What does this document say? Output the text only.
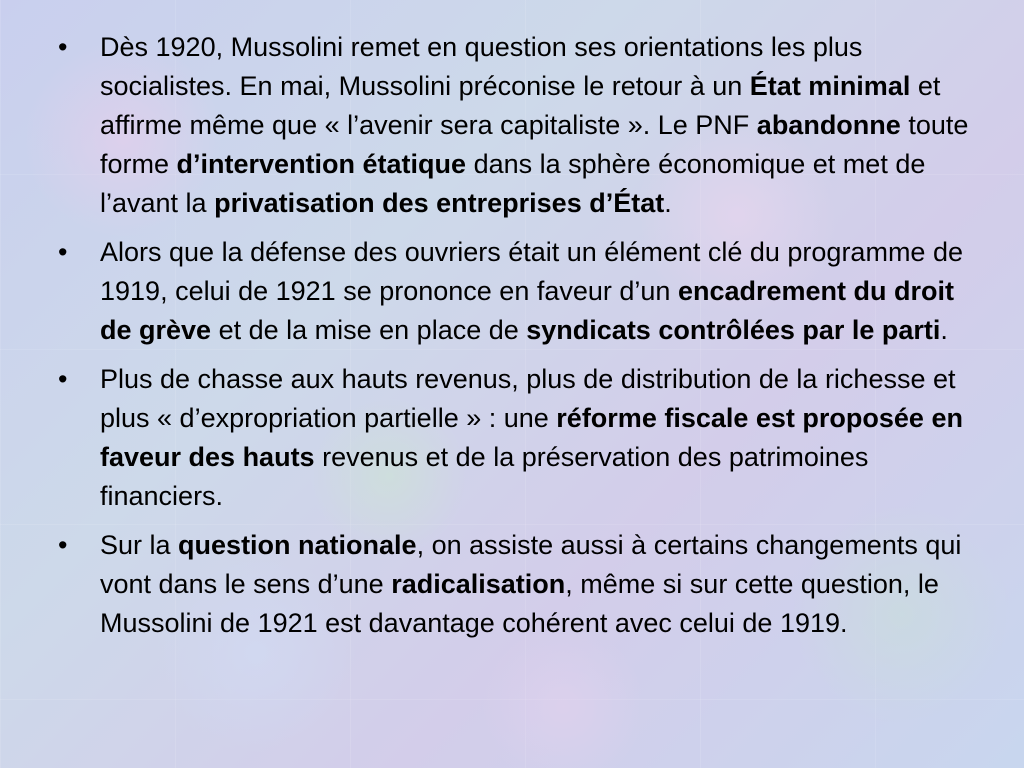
• Dès 1920, Mussolini remet en question ses orientations les plus socialistes. En mai, Mussolini préconise le retour à un État minimal et affirme même que « l’avenir sera capitaliste ». Le PNF abandonne toute forme d’intervention étatique dans la sphère économique et met de l’avant la privatisation des entreprises d’État.
• Alors que la défense des ouvriers était un élément clé du programme de 1919, celui de 1921 se prononce en faveur d’un encadrement du droit de grève et de la mise en place de syndicats contrôlées par le parti.
• Plus de chasse aux hauts revenus, plus de distribution de la richesse et plus « d’expropriation partielle » : une réforme fiscale est proposée en faveur des hauts revenus et de la préservation des patrimoines financiers.
• Sur la question nationale, on assiste aussi à certains changements qui vont dans le sens d’une radicalisation, même si sur cette question, le Mussolini de 1921 est davantage cohérent avec celui de 1919.
